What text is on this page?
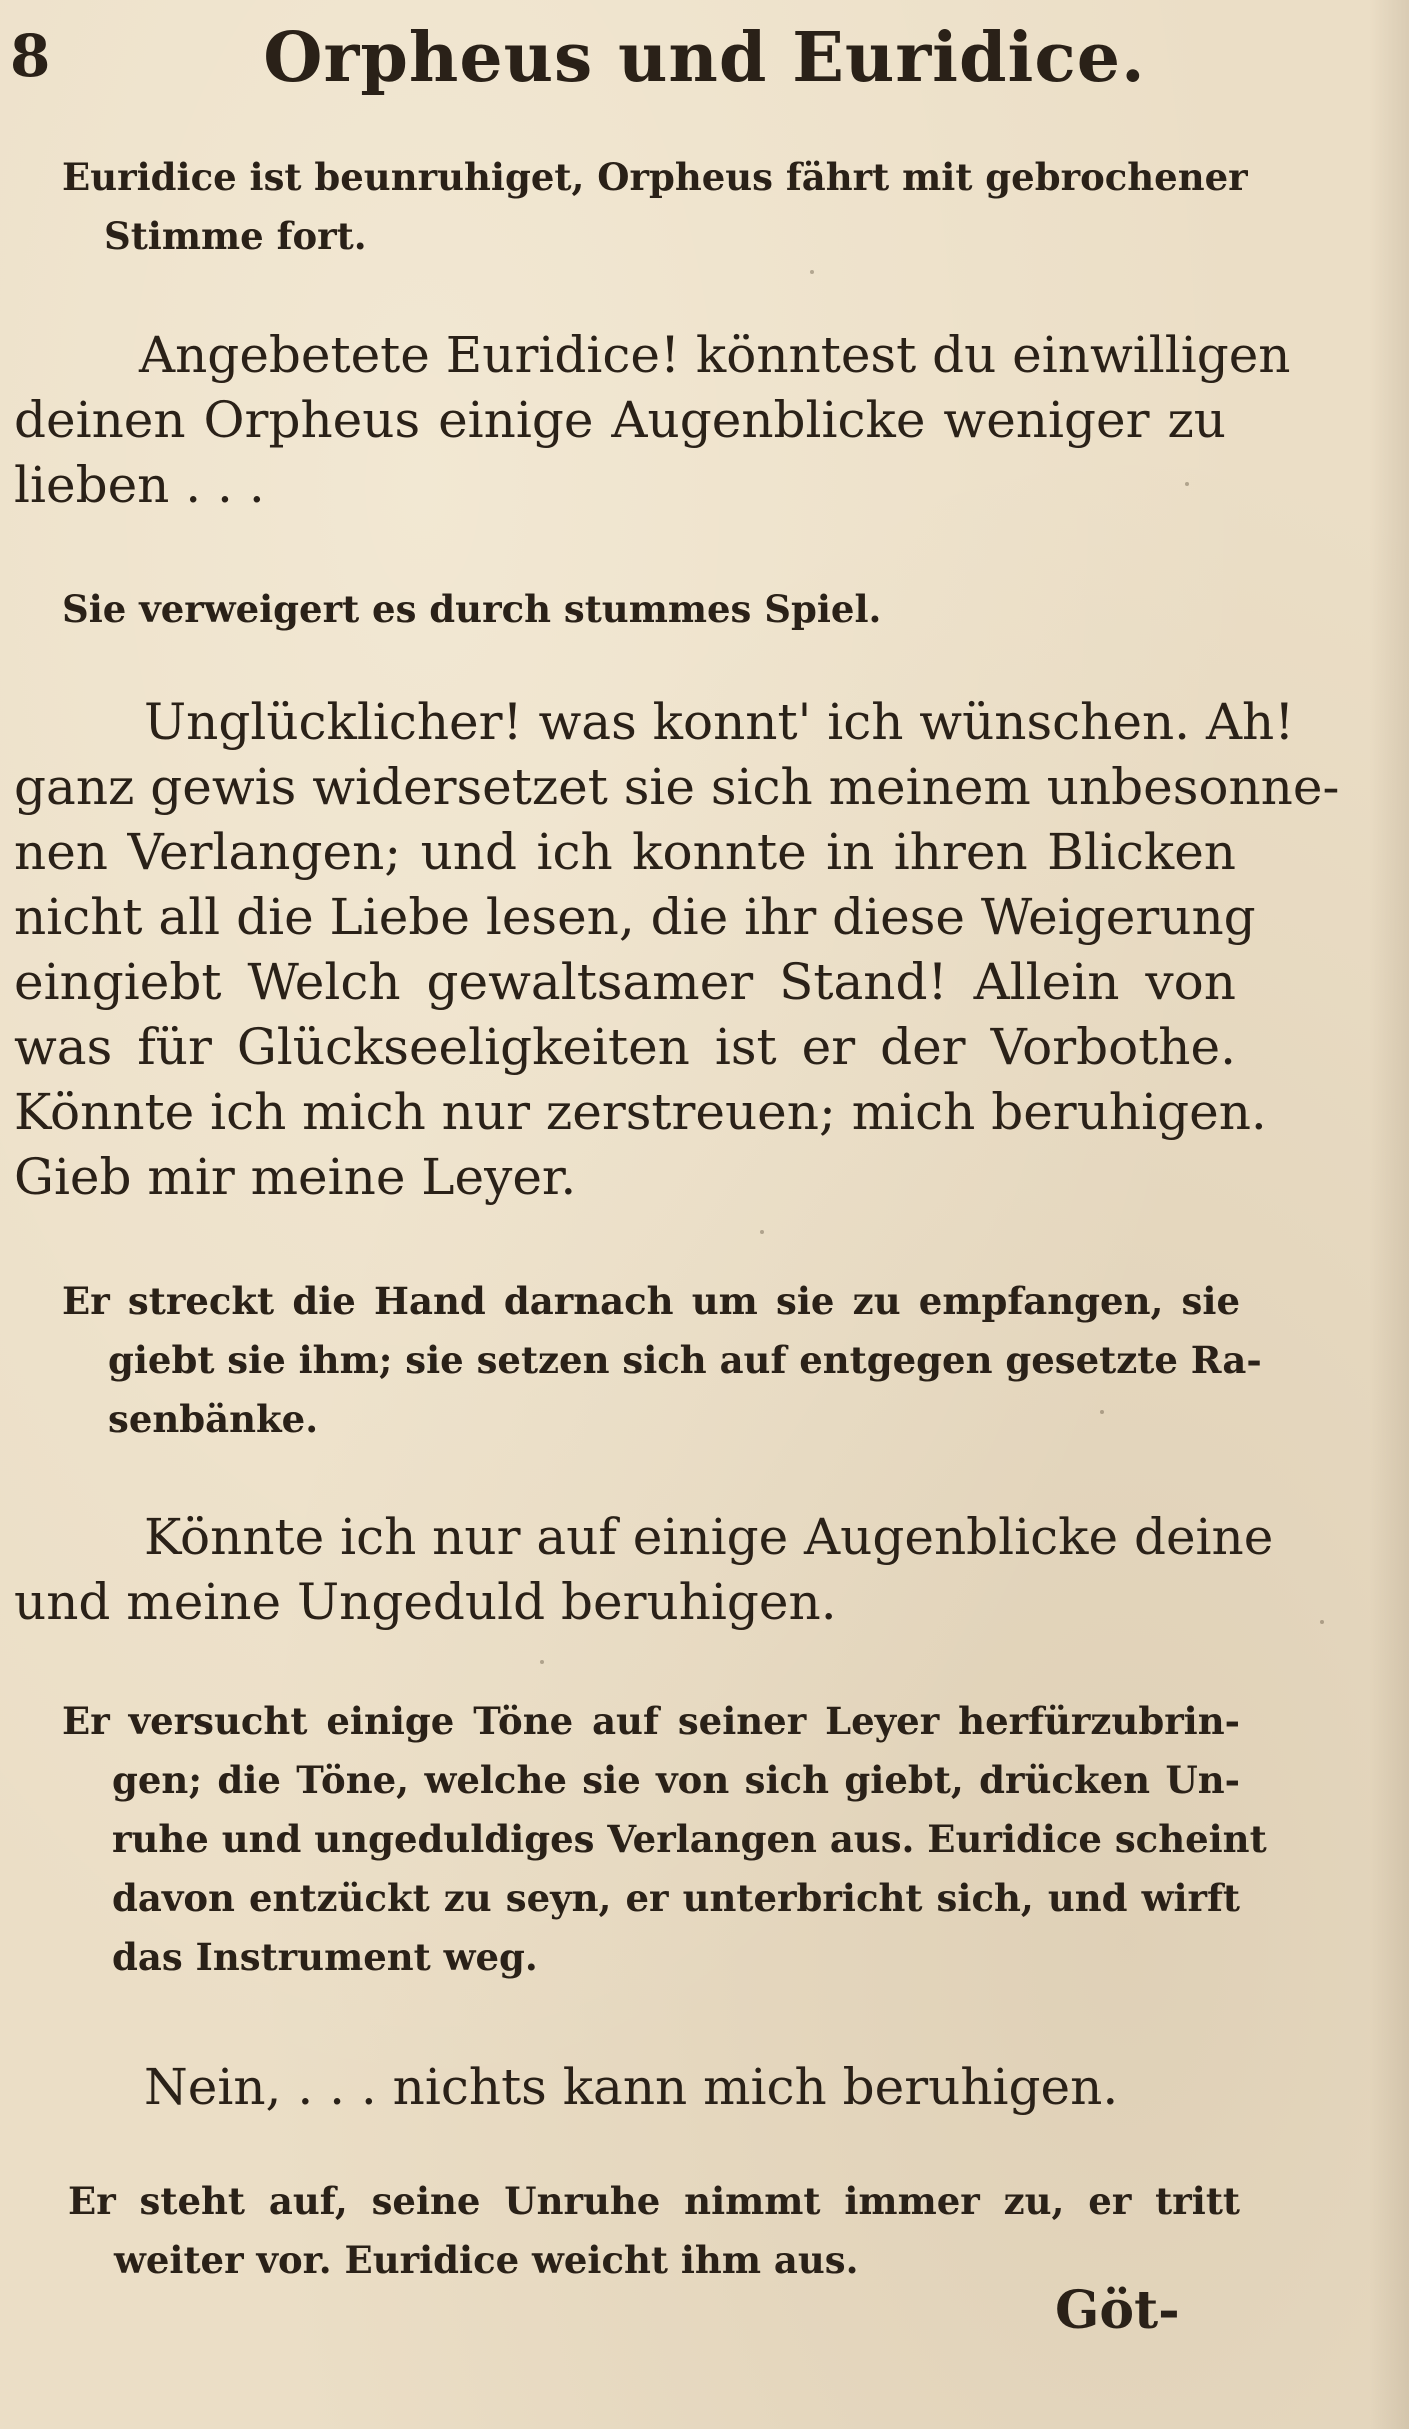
8	Orpheus und Euridice.
Euridice ist beunruhiget, Orpheus fährt mit gebrochener
Stimme fort.
Angebetete Euridice! könntest du einwilligen
deinen Orpheus einige Augenblicke weniger zu
lieben . . .
Sie verweigert es durch stummes Spiel.
Unglücklicher! was konnt' ich wünschen. Ah!
ganz gewis widersetzet sie sich meinem unbesonne-
nen Verlangen; und ich konnte in ihren Blicken
nicht all die Liebe lesen, die ihr diese Weigerung
eingiebt Welch gewaltsamer Stand! Allein von
was für Glückseeligkeiten ist er der Vorbothe.
Könnte ich mich nur zerstreuen; mich beruhigen.
Gieb mir meine Leyer.
Er streckt die Hand darnach um sie zu empfangen, sie
giebt sie ihm; sie setzen sich auf entgegen gesetzte Ra-
senbänke.
Könnte ich nur auf einige Augenblicke deine
und meine Ungeduld beruhigen.
Er versucht einige Töne auf seiner Leyer herfürzubrin-
gen; die Töne, welche sie von sich giebt, drücken Un-
ruhe und ungeduldiges Verlangen aus. Euridice scheint
davon entzückt zu seyn, er unterbricht sich, und wirft
das Instrument weg.
Nein, . . . nichts kann mich beruhigen.
Er steht auf, seine Unruhe nimmt immer zu, er tritt
weiter vor. Euridice weicht ihm aus.
Göt-
